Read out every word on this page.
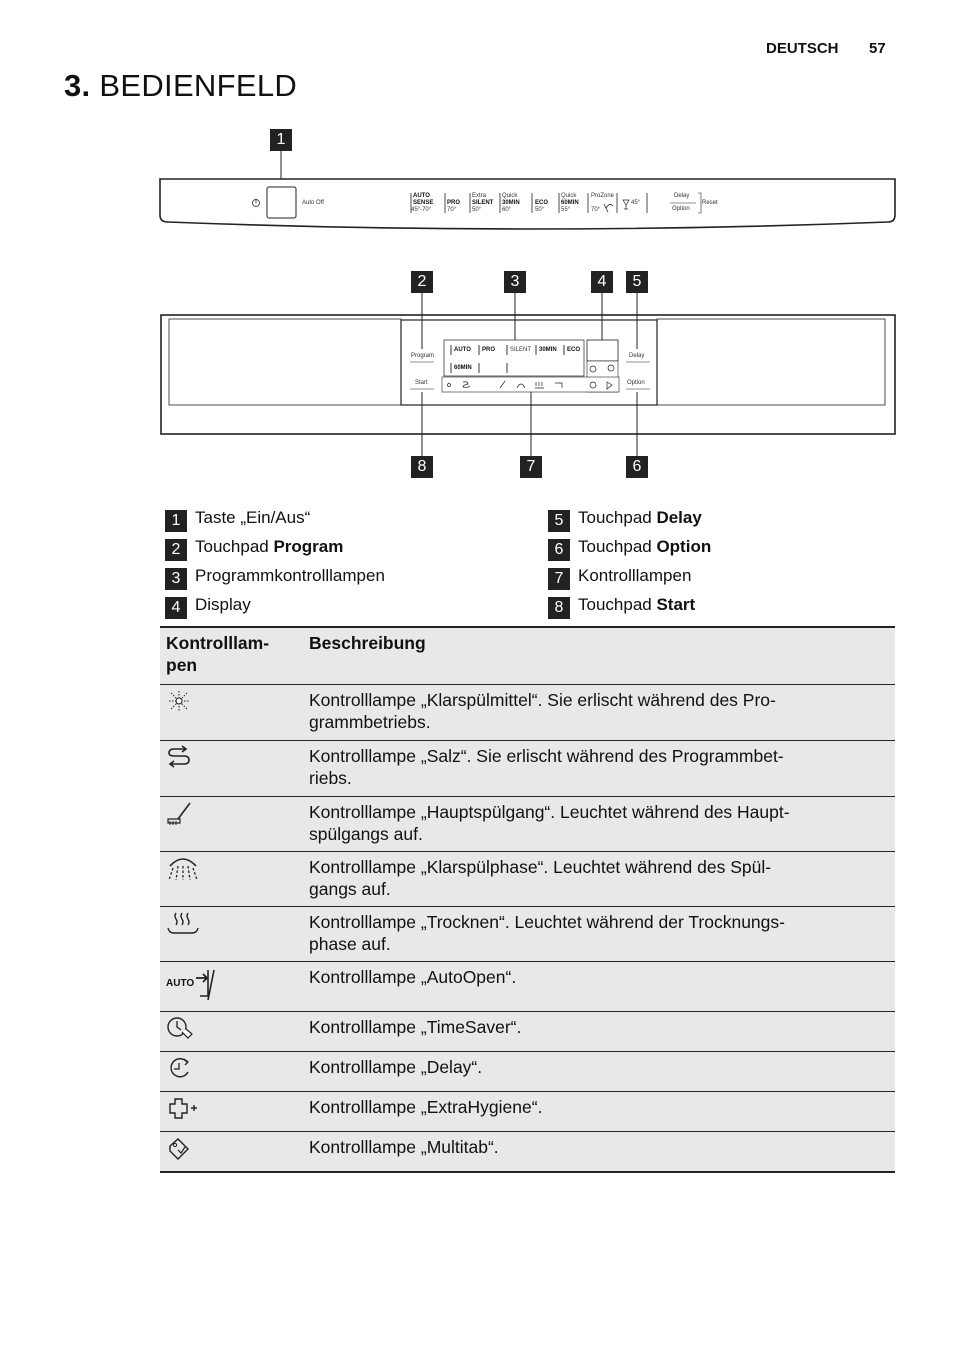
DEUTSCH 57
3. BEDIENFELD
1
Auto Off
AUTO
SENSE
45°-70°
PRO
70°
Extra
SILENT
50°
Quick
30MIN
60°
ECO
50°
Quick
60MIN
55°
ProZone
70°
45°
Delay
Option
Reset
2	3	4	5
8	7	6
Program
Start
Delay
Option
AUTO PRO SILENT 30MIN ECO
60MIN
1 Taste „Ein/Aus“
2 Touchpad Program
3 Programmkontrolllampen
4 Display
5 Touchpad Delay
6 Touchpad Option
7 Kontrolllampen
8 Touchpad Start
Kontrolllam-
pen	Beschreibung

	Kontrolllampe „Klarspülmittel“. Sie erlischt während des Pro-
grammbetriebs.

	Kontrolllampe „Salz“. Sie erlischt während des Programmbet-
riebs.

	Kontrolllampe „Hauptspülgang“. Leuchtet während des Haupt-
spülgangs auf.

	Kontrolllampe „Klarspülphase“. Leuchtet während des Spül-
gangs auf.

	Kontrolllampe „Trocknen“. Leuchtet während der Trocknungs-
phase auf.

AUTO	Kontrolllampe „AutoOpen“.

	Kontrolllampe „TimeSaver“.

	Kontrolllampe „Delay“.

	Kontrolllampe „ExtraHygiene“.

	Kontrolllampe „Multitab“.
